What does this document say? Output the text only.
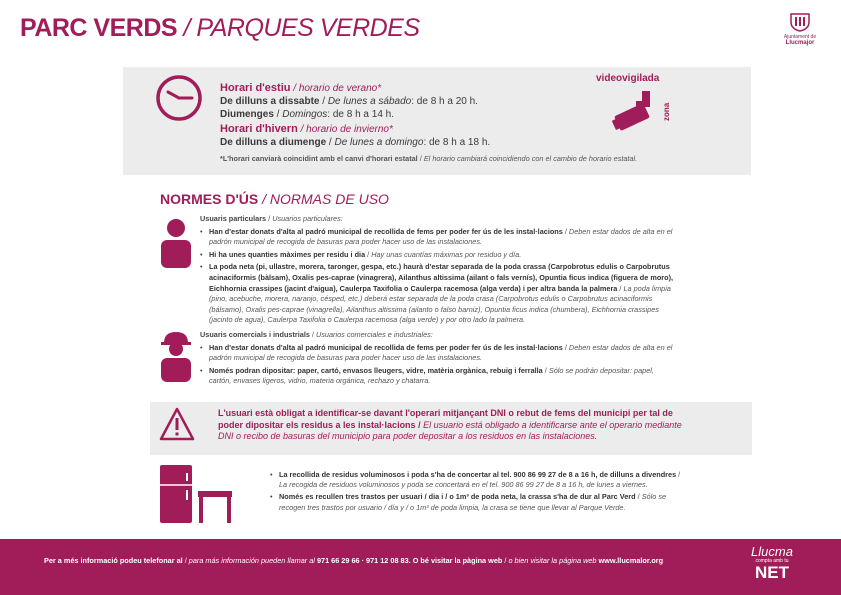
PARC VERDS / PARQUES VERDES	Ajuntament de
Llucmajor
Horari d'estiu / horario de verano*
De dilluns a dissabte / De lunes a sábado: de 8 h a 20 h.
Diumenges / Domingos: de 8 h a 14 h.
Horari d'hivern / horario de invierno*
De dilluns a diumenge / De lunes a domingo: de 8 h a 18 h.
*L'horari canviarà coincidint amb el canvi d'horari estatal / El horario cambiará coincidiendo con el cambio de horario estatal.
videovigilada
zona
NORMES D'ÚS / NORMAS DE USO
Usuaris particulars / Usuarios particulares:
• Han d'estar donats d'alta al padró municipal de recollida de fems per poder fer ús de les instal·lacions / Deben estar dados de alta en el padrón municipal de recogida de basuras para poder hacer uso de las instalaciones.
• Hi ha unes quanties màximes per residu i dia / Hay unas cuantías máximas por residuo y día.
• La poda neta (pi, ullastre, morera, taronger, gespa, etc.) haurà d'estar separada de la poda crassa (Carpobrotus edulis o Carpobrutus acinaciformis (bàlsam), Oxalis pes-caprae (vinagrera), Ailanthus altissima (ailant o fals vernís), Opuntia ficus indica (figuera de moro), Eichhornia crassipes (jacint d'aigua), Caulerpa Taxifolia o Caulerpa racemosa (alga verda) i per altra banda la palmera / La poda limpia (pino, acebuche, morera, naranjo, césped, etc.) deberá estar separada de la poda crasa (Carpobrotus edulis o Carpobrutus acinaciformis (bálsamo), Oxalis pes-caprae (vinagrella), Ailanthus altissima (ailanto o falso barniz), Opuntia ficus indica (chumbera), Eichhornia crassipes (jacinto de agua), Caulerpa Taxifolia o Caulerpa racemosa (alga verde) y por otro lado la palmera.
Usuaris comercials i industrials / Usuarios comerciales e industriales:
• Han d'estar donats d'alta al padró municipal de recollida de fems per poder fer ús de les instal·lacions / Deben estar dados de alta en el padrón municipal de recogida de basuras para poder hacer uso de las instalaciones.
• Només podran dipositar: paper, cartó, envasos lleugers, vidre, matèria orgànica, rebuig i ferralla / Sólo se podrán depositar: papel, cartón, envases ligeros, vidrio, materia orgánica, rechazo y chatarra.
L'usuari està obligat a identificar-se davant l'operari mitjançant DNI o rebut de fems del municipi per tal de poder dipositar els residus a les instal·lacions / El usuario está obligado a identificarse ante el operario mediante DNI o recibo de basuras del municipio para poder depositar a los residuos en las instalaciones.
• La recollida de residus voluminosos i poda s'ha de concertar al tel. 900 86 99 27 de 8 a 16 h, de dilluns a divendres / La recogida de residuos voluminosos y poda se concertará en el tel. 900 86 99 27 de 8 a 16 h, de lunes a viernes.
• Només es recullen tres trastos per usuari / dia i / o 1m³ de poda neta, la crassa s'ha de dur al Parc Verd / Sólo se recogen tres trastos por usuario / día y / o 1m³ de poda limpia, la crasa se tiene que llevar al Parque Verde.
Per a més informació podeu telefonar al / para más información pueden llamar al 971 66 29 66 · 971 12 08 83. O bé visitar la pàgina web / o bien visitar la página web www.llucmalor.org
Llucma
compta amb tu
NET
